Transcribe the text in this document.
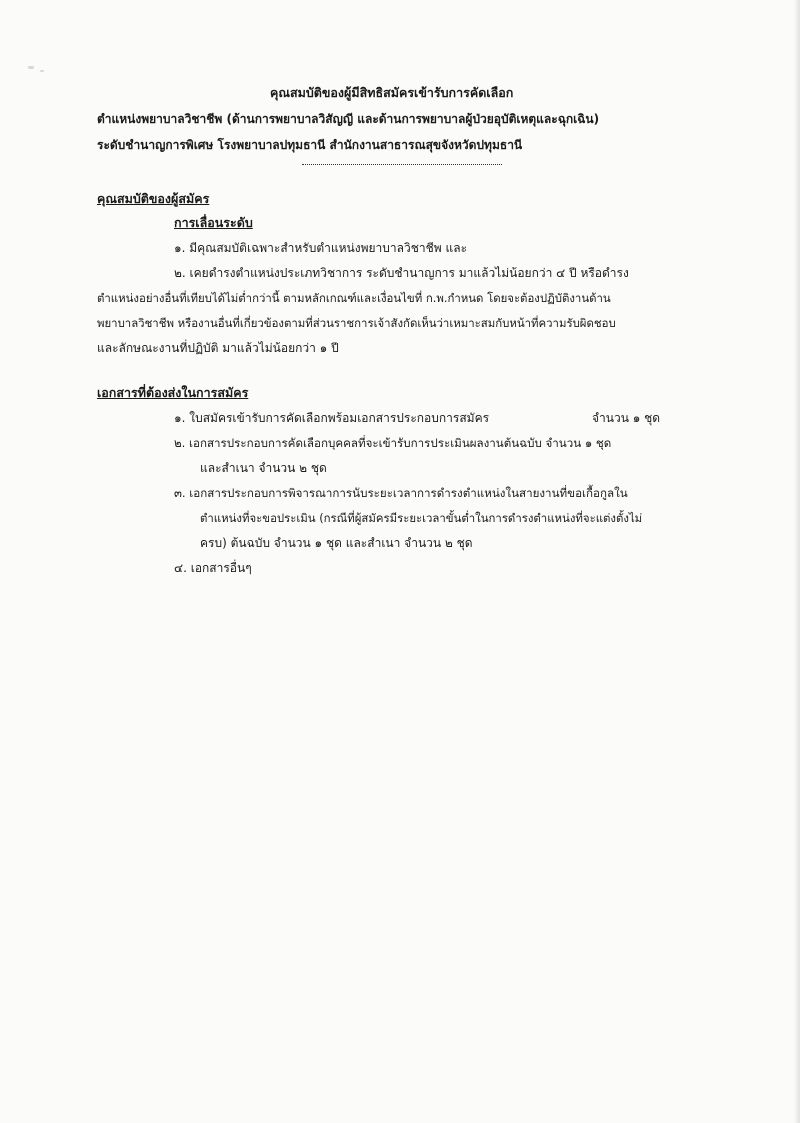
คุณสมบัติของผู้มีสิทธิสมัครเข้ารับการคัดเลือก
ตำแหน่งพยาบาลวิชาชีพ (ด้านการพยาบาลวิสัญญี และด้านการพยาบาลผู้ป่วยอุบัติเหตุและฉุกเฉิน)
ระดับชำนาญการพิเศษ โรงพยาบาลปทุมธานี สำนักงานสาธารณสุขจังหวัดปทุมธานี
คุณสมบัติของผู้สมัคร
การเลื่อนระดับ
๑. มีคุณสมบัติเฉพาะสำหรับตำแหน่งพยาบาลวิชาชีพ และ
๒. เคยดำรงตำแหน่งประเภทวิชาการ ระดับชำนาญการ มาแล้วไม่น้อยกว่า ๔ ปี หรือดำรง
ตำแหน่งอย่างอื่นที่เทียบได้ไม่ต่ำกว่านี้ ตามหลักเกณฑ์และเงื่อนไขที่ ก.พ.กำหนด โดยจะต้องปฏิบัติงานด้าน
พยาบาลวิชาชีพ หรืองานอื่นที่เกี่ยวข้องตามที่ส่วนราชการเจ้าสังกัดเห็นว่าเหมาะสมกับหน้าที่ความรับผิดชอบ
และลักษณะงานที่ปฏิบัติ มาแล้วไม่น้อยกว่า ๑ ปี
เอกสารที่ต้องส่งในการสมัคร
๑. ใบสมัครเข้ารับการคัดเลือกพร้อมเอกสารประกอบการสมัคร	จำนวน ๑ ชุด
๒. เอกสารประกอบการคัดเลือกบุคคลที่จะเข้ารับการประเมินผลงานต้นฉบับ จำนวน ๑ ชุด
และสำเนา จำนวน ๒ ชุด
๓. เอกสารประกอบการพิจารณาการนับระยะเวลาการดำรงตำแหน่งในสายงานที่ขอเกื้อกูลใน
ตำแหน่งที่จะขอประเมิน (กรณีที่ผู้สมัครมีระยะเวลาขั้นต่ำในการดำรงตำแหน่งที่จะแต่งตั้งไม่
ครบ) ต้นฉบับ จำนวน ๑ ชุด และสำเนา จำนวน ๒ ชุด
๔. เอกสารอื่นๆ
